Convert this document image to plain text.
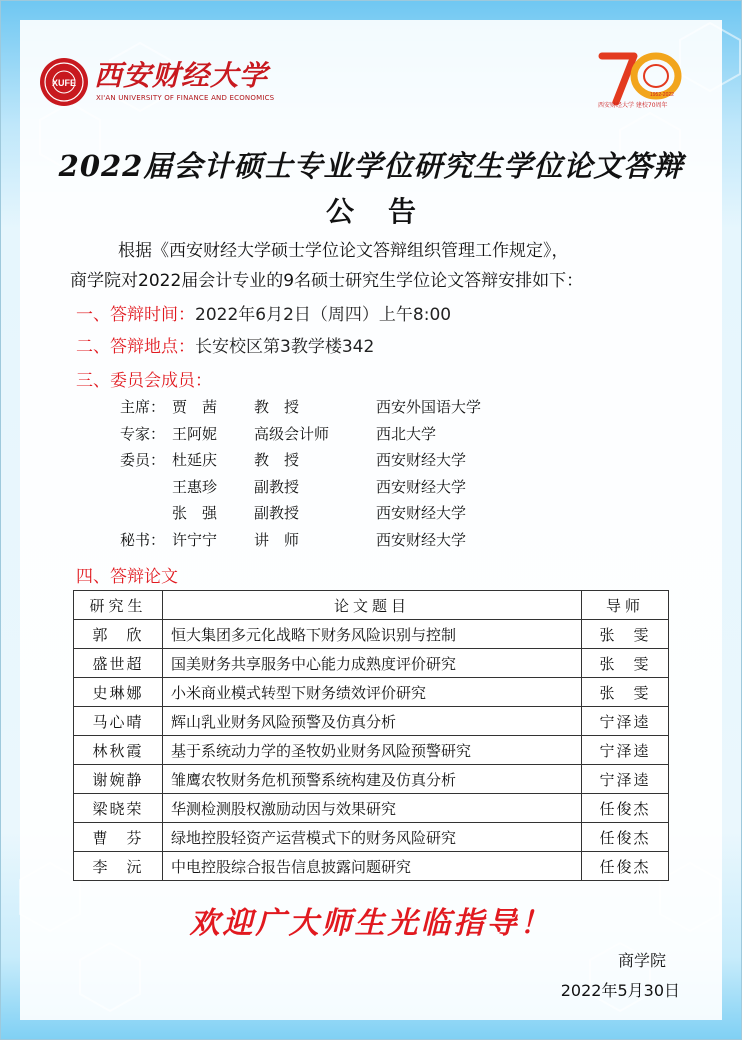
XUFE 西安财经大学
XI'AN UNIVERSITY OF FINANCE AND ECONOMICS	1952-2022
西安财经大学 建校70周年
2022届会计硕士专业学位研究生学位论文答辩
公告

根据《西安财经大学硕士学位论文答辩组织管理工作规定》，

商学院对2022届会计专业的9名硕士研究生学位论文答辩安排如下：

一、答辩时间：2022年6月2日（周四）上午8:00
二、答辩地点：长安校区第3教学楼342
三、委员会成员：
主席： 贾　茜 教　授	西安外国语大学
专家： 王阿妮 高级会计师	西北大学
委员： 杜延庆 教　授	西安财经大学
王惠珍 副教授	西安财经大学
张　强 副教授	西安财经大学
秘书： 许宁宁 讲　师	西安财经大学
四、答辩论文
研究生	论文题目	导师
郭　欣	恒大集团多元化战略下财务风险识别与控制	张　雯
盛世超	国美财务共享服务中心能力成熟度评价研究	张　雯
史琳娜	小米商业模式转型下财务绩效评价研究	张　雯
马心晴	辉山乳业财务风险预警及仿真分析	宁泽逵
林秋霞	基于系统动力学的圣牧奶业财务风险预警研究	宁泽逵
谢婉静	雏鹰农牧财务危机预警系统构建及仿真分析	宁泽逵
梁晓荣	华测检测股权激励动因与效果研究	任俊杰
曹　芬	绿地控股轻资产运营模式下的财务风险研究	任俊杰
李　沅	中电控股综合报告信息披露问题研究	任俊杰
欢迎广大师生光临指导！
商学院
2022年5月30日
